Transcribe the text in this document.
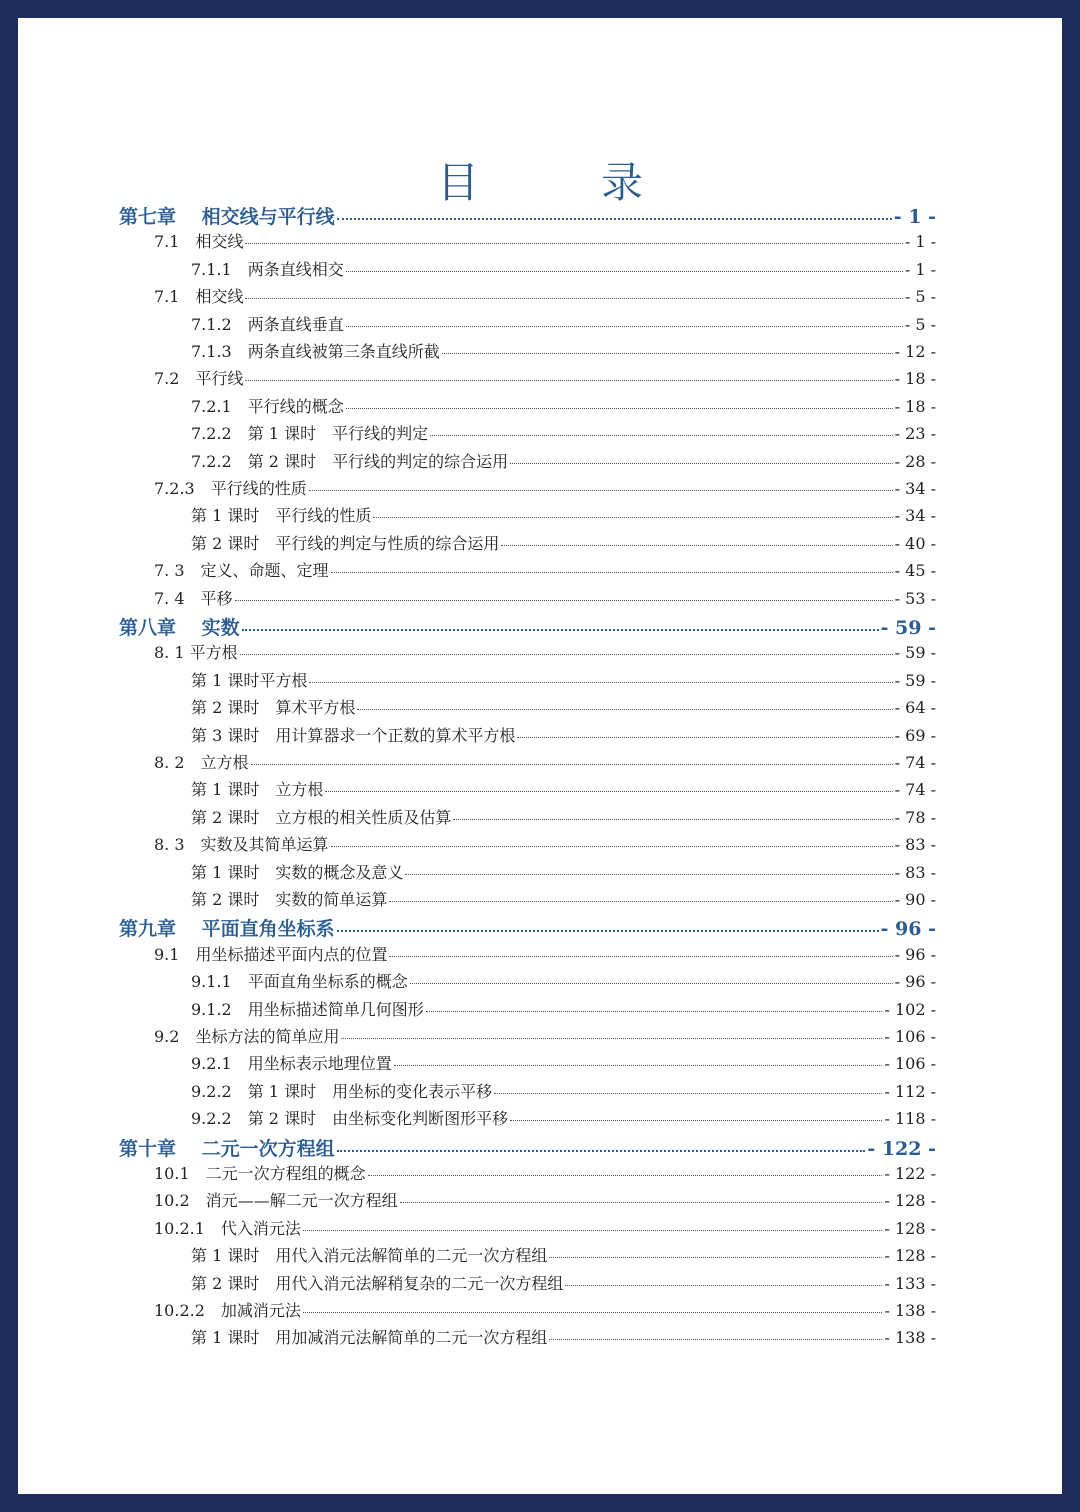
目　录
第七章　 相交线与平行线	- 1 -
7.1　相交线	- 1 -
7.1.1　两条直线相交	- 1 -
7.1　相交线	- 5 -
7.1.2　两条直线垂直	- 5 -
7.1.3　两条直线被第三条直线所截	- 12 -
7.2　平行线	- 18 -
7.2.1　平行线的概念	- 18 -
7.2.2　第 1 课时　平行线的判定	- 23 -
7.2.2　第 2 课时　平行线的判定的综合运用	- 28 -
7.2.3　平行线的性质	- 34 -
第 1 课时　平行线的性质	- 34 -
第 2 课时　平行线的判定与性质的综合运用	- 40 -
7. 3　定义、命题、定理	- 45 -
7. 4　平移	- 53 -
第八章　 实数	- 59 -
8. 1 平方根	- 59 -
第 1 课时平方根	- 59 -
第 2 课时　算术平方根	- 64 -
第 3 课时　用计算器求一个正数的算术平方根	- 69 -
8. 2　立方根	- 74 -
第 1 课时　立方根	- 74 -
第 2 课时　立方根的相关性质及估算	- 78 -
8. 3　实数及其简单运算	- 83 -
第 1 课时　实数的概念及意义	- 83 -
第 2 课时　实数的简单运算	- 90 -
第九章　 平面直角坐标系	- 96 -
9.1　用坐标描述平面内点的位置	- 96 -
9.1.1　平面直角坐标系的概念	- 96 -
9.1.2　用坐标描述简单几何图形	- 102 -
9.2　坐标方法的简单应用	- 106 -
9.2.1　用坐标表示地理位置	- 106 -
9.2.2　第 1 课时　用坐标的变化表示平移	- 112 -
9.2.2　第 2 课时　由坐标变化判断图形平移	- 118 -
第十章　 二元一次方程组	- 122 -
10.1　二元一次方程组的概念	- 122 -
10.2　消元——解二元一次方程组	- 128 -
10.2.1　代入消元法	- 128 -
第 1 课时　用代入消元法解简单的二元一次方程组	- 128 -
第 2 课时　用代入消元法解稍复杂的二元一次方程组	- 133 -
10.2.2　加减消元法	- 138 -
第 1 课时　用加减消元法解简单的二元一次方程组	- 138 -
